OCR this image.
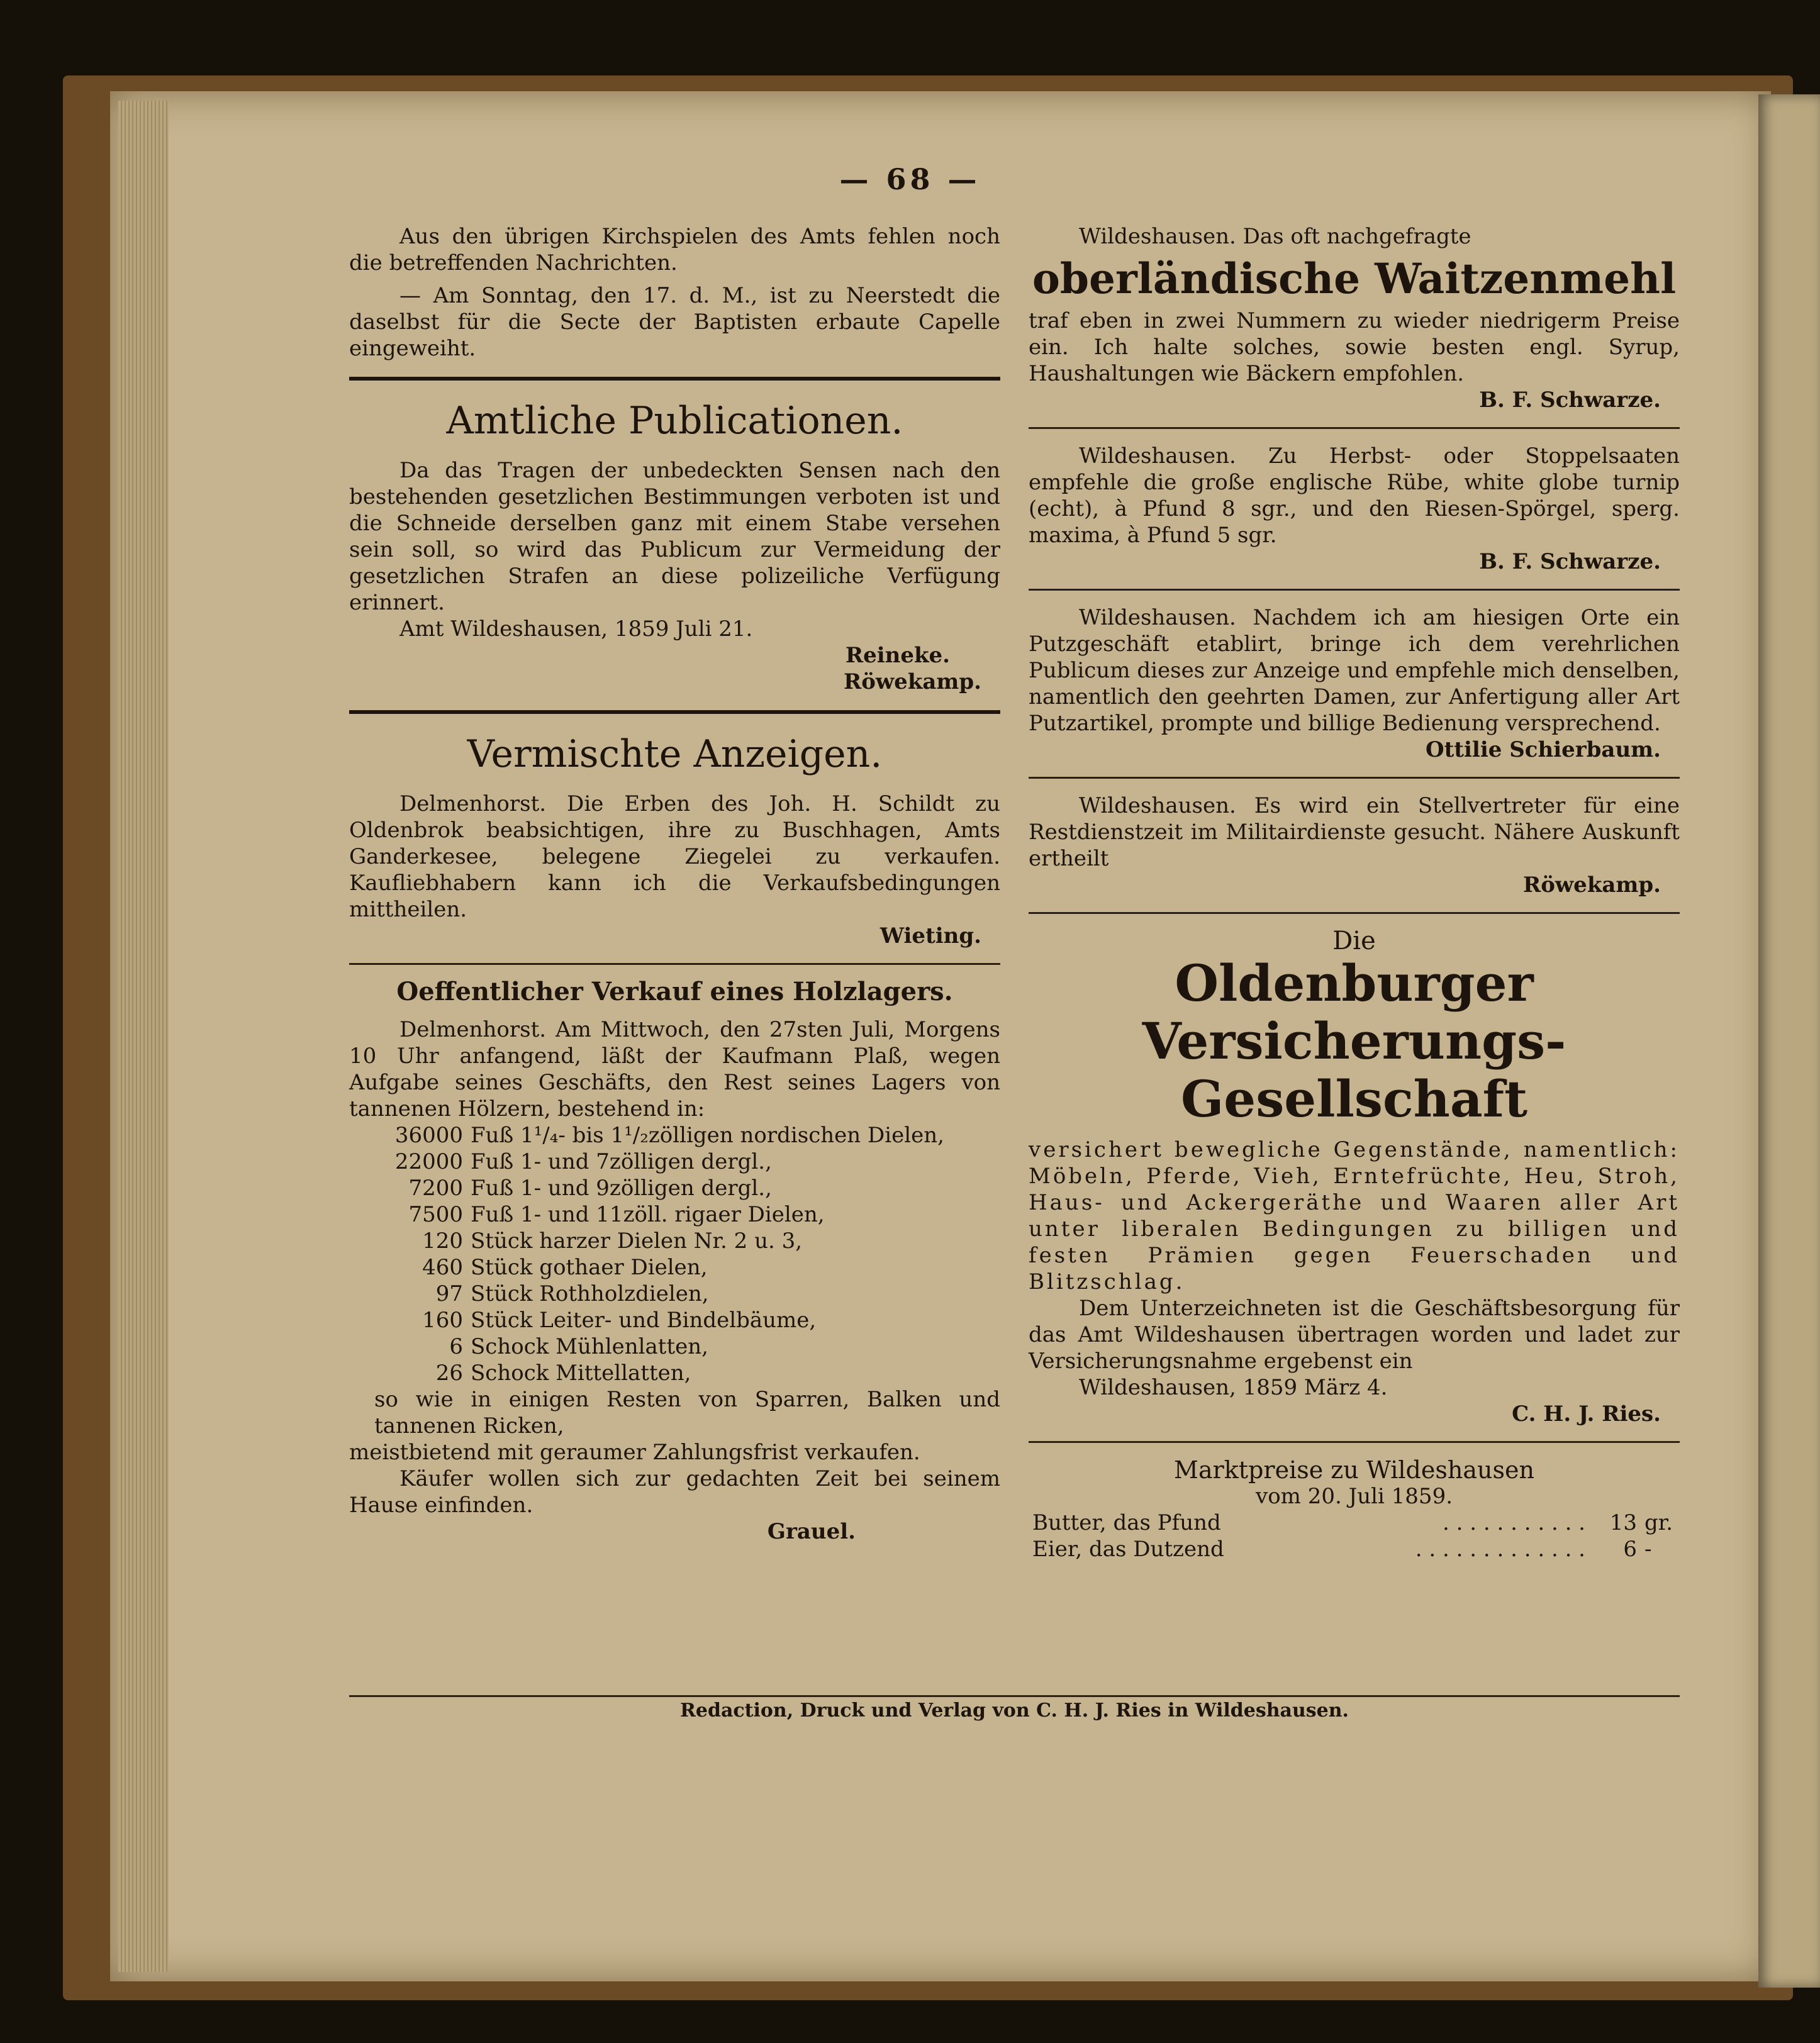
— 68 —

Aus den übrigen Kirchspielen des Amts fehlen noch die betreffenden Nachrichten.

— Am Sonntag, den 17. d. M., ist zu Neerstedt die daselbst für die Secte der Baptisten erbaute Capelle eingeweiht.

Amtliche Publicationen.

Da das Tragen der unbedeckten Sensen nach den bestehenden gesetzlichen Bestimmungen verboten ist und die Schneide derselben ganz mit einem Stabe versehen sein soll, so wird das Publicum zur Vermeidung der gesetzlichen Strafen an diese polizeiliche Verfügung erinnert.

Amt Wildeshausen, 1859 Juli 21.

Reineke.
Röwekamp.
Vermischte Anzeigen.

Delmenhorst. Die Erben des Joh. H. Schildt zu Oldenbrok beabsichtigen, ihre zu Buschhagen, Amts Ganderkesee, belegene Ziegelei zu verkaufen. Kaufliebhabern kann ich die Verkaufsbedingungen mittheilen.

Wieting.
Oeffentlicher Verkauf eines Holzlagers.

Delmenhorst. Am Mittwoch, den 27sten Juli, Morgens 10 Uhr anfangend, läßt der Kaufmann Plaß, wegen Aufgabe seines Geschäfts, den Rest seines Lagers von tannenen Hölzern, bestehend in:

36000	Fuß 1¹/₄- bis 1¹/₂zölligen nordischen Dielen,
22000	Fuß 1- und 7zölligen dergl.,
7200	Fuß 1- und 9zölligen dergl.,
7500	Fuß 1- und 11zöll. rigaer Dielen,
120	Stück harzer Dielen Nr. 2 u. 3,
460	Stück gothaer Dielen,
97	Stück Rothholzdielen,
160	Stück Leiter- und Bindelbäume,
6	Schock Mühlenlatten,
26	Schock Mittellatten,

so wie in einigen Resten von Sparren, Balken und tannenen Ricken,

meistbietend mit geraumer Zahlungsfrist verkaufen.

Käufer wollen sich zur gedachten Zeit bei seinem Hause einfinden.

Grauel.

Wildeshausen. Das oft nachgefragte

oberländische Waitzenmehl

traf eben in zwei Nummern zu wieder niedrigerm Preise ein. Ich halte solches, sowie besten engl. Syrup, Haushaltungen wie Bäckern empfohlen.

B. F. Schwarze.

Wildeshausen. Zu Herbst- oder Stoppelsaaten empfehle die große englische Rübe, white globe turnip (echt), à Pfund 8 sgr., und den Riesen-Spörgel, sperg. maxima, à Pfund 5 sgr.

B. F. Schwarze.

Wildeshausen. Nachdem ich am hiesigen Orte ein Putzgeschäft etablirt, bringe ich dem verehrlichen Publicum dieses zur Anzeige und empfehle mich denselben, namentlich den geehrten Damen, zur Anfertigung aller Art Putzartikel, prompte und billige Bedienung versprechend.

Ottilie Schierbaum.

Wildeshausen. Es wird ein Stellvertreter für eine Restdienstzeit im Militairdienste gesucht. Nähere Auskunft ertheilt

Röwekamp.
Die
Oldenburger Versicherungs-Gesellschaft

versichert bewegliche Gegenstände, namentlich: Möbeln, Pferde, Vieh, Erntefrüchte, Heu, Stroh, Haus- und Ackergeräthe und Waaren aller Art unter liberalen Bedingungen zu billigen und festen Prämien gegen Feuerschaden und Blitzschlag.

Dem Unterzeichneten ist die Geschäftsbesorgung für das Amt Wildeshausen übertragen worden und ladet zur Versicherungsnahme ergebenst ein

Wildeshausen, 1859 März 4.

C. H. J. Ries.
Marktpreise zu Wildeshausen
vom 20. Juli 1859.
Butter, das Pfund	. . . . . . . . . . .	13	gr.
Eier, das Dutzend	. . . . . . . . . . . . .	6	-
Redaction, Druck und Verlag von C. H. J. Ries in Wildeshausen.
